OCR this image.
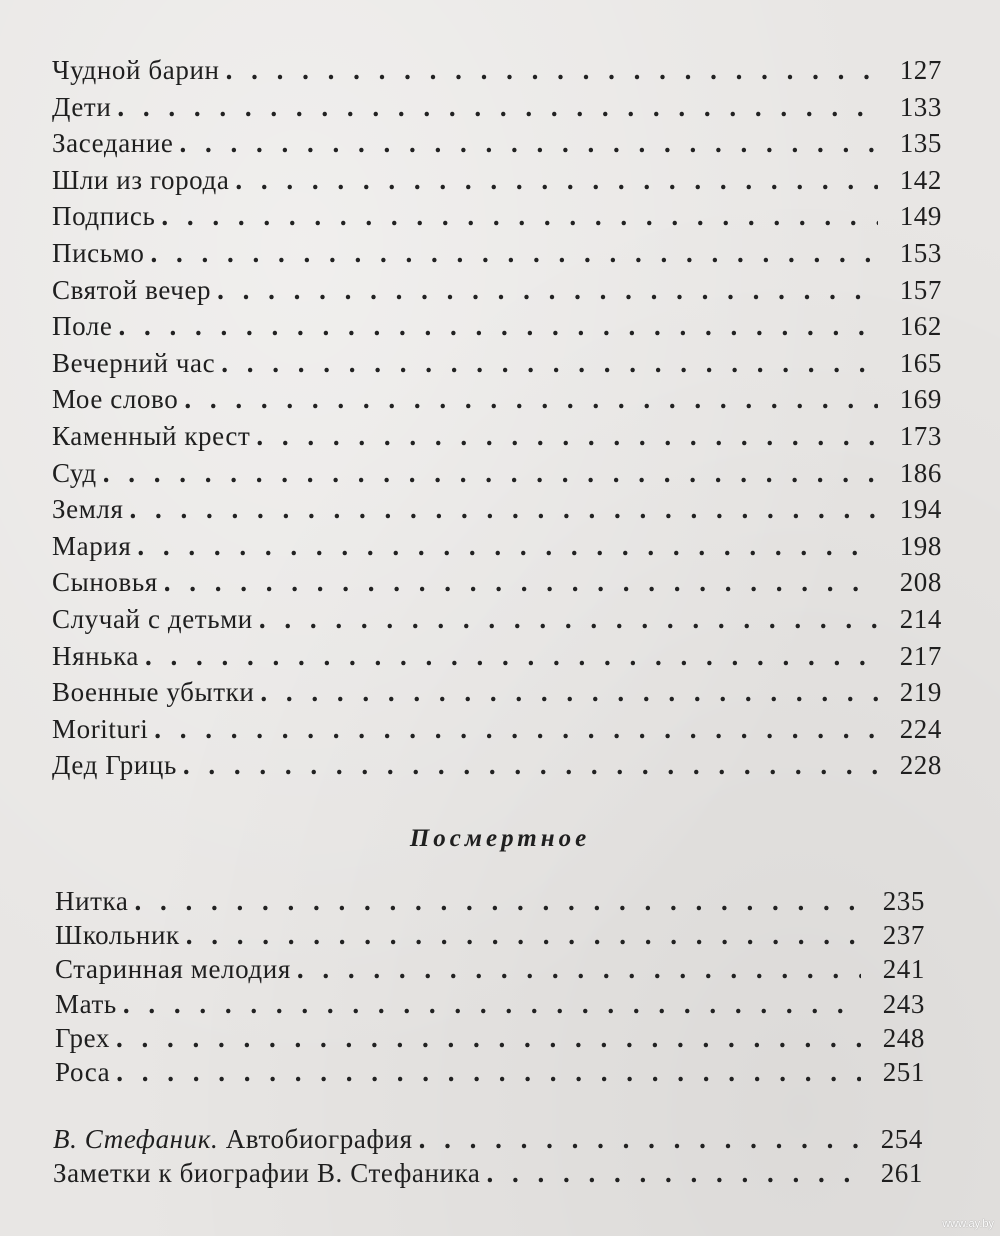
Чудной барин . . .	127
Дети . . .	133
Заседание . . .	135
Шли из города . . .	142
Подпись . . .	149
Письмо . . .	153
Святой вечер . . .	157
Поле . . .	162
Вечерний час . . .	165
Мое слово . . .	169
Каменный крест . . .	173
Суд . . .	186
Земля . . .	194
Мария . . .	198
Сыновья . . .	208
Случай с детьми . . .	214
Нянька . . .	217
Военные убытки . . .	219
Morituri . . .	224
Дед Гриць . . .	228
Посмертное
Нитка . . .	235
Школьник . . .	237
Старинная мелодия . . .	241
Мать . . .	243
Грех . . .	248
Роса . . .	251
В. Стефаник. Автобиография . . .	254
Заметки к биографии В. Стефаника . . .	261
www.ay.by
